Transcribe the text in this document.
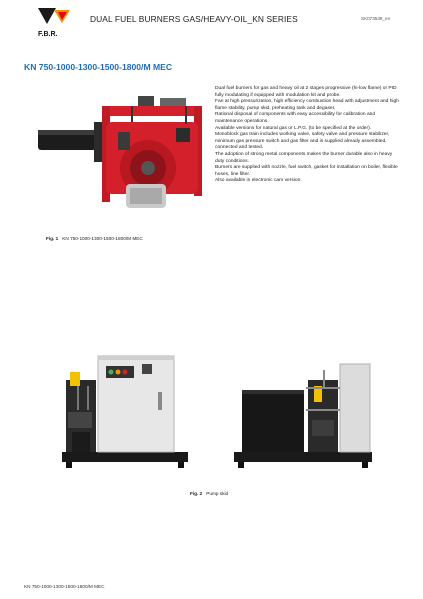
F.B.R.
DUAL FUEL BURNERS GAS/HEAVY-OIL_KN SERIES	SK073539_en
KN 750-1000-1300-1500-1800/M MEC
Fig. 1 KN 750-1000-1300-1500-1800/M MEC

Dual fuel burners for gas and heavy oil at 2 stages progressive (hi-low flame) or PID fully modulating if equipped with modulation kit and probe.

Fan at high pressurization, high efficiency combustion head with adjustment and high flame stability, pump skid, preheating tank and degaser,

Rational disposal of components with easy accessibility for calibration and maintenance operations.

Available versions for natural gas or L.P.G. (to be specified at the order).

Monoblock gas train includes working valve, safety valve and pressure stabilizer, minimum gas pressure switch and gas filter and is supplied already assembled, connected and tested.

The adoption of strong metal components makes the burner durable also in heavy duty conditions.

Burners are supplied with nozzle, fuel switch, gasket for installation on boiler, flexible hoses, line filter.

Also available in electronic cam version.

Fig. 2 Pump skid
KN 750-1000-1300-1500-1800/M MEC
